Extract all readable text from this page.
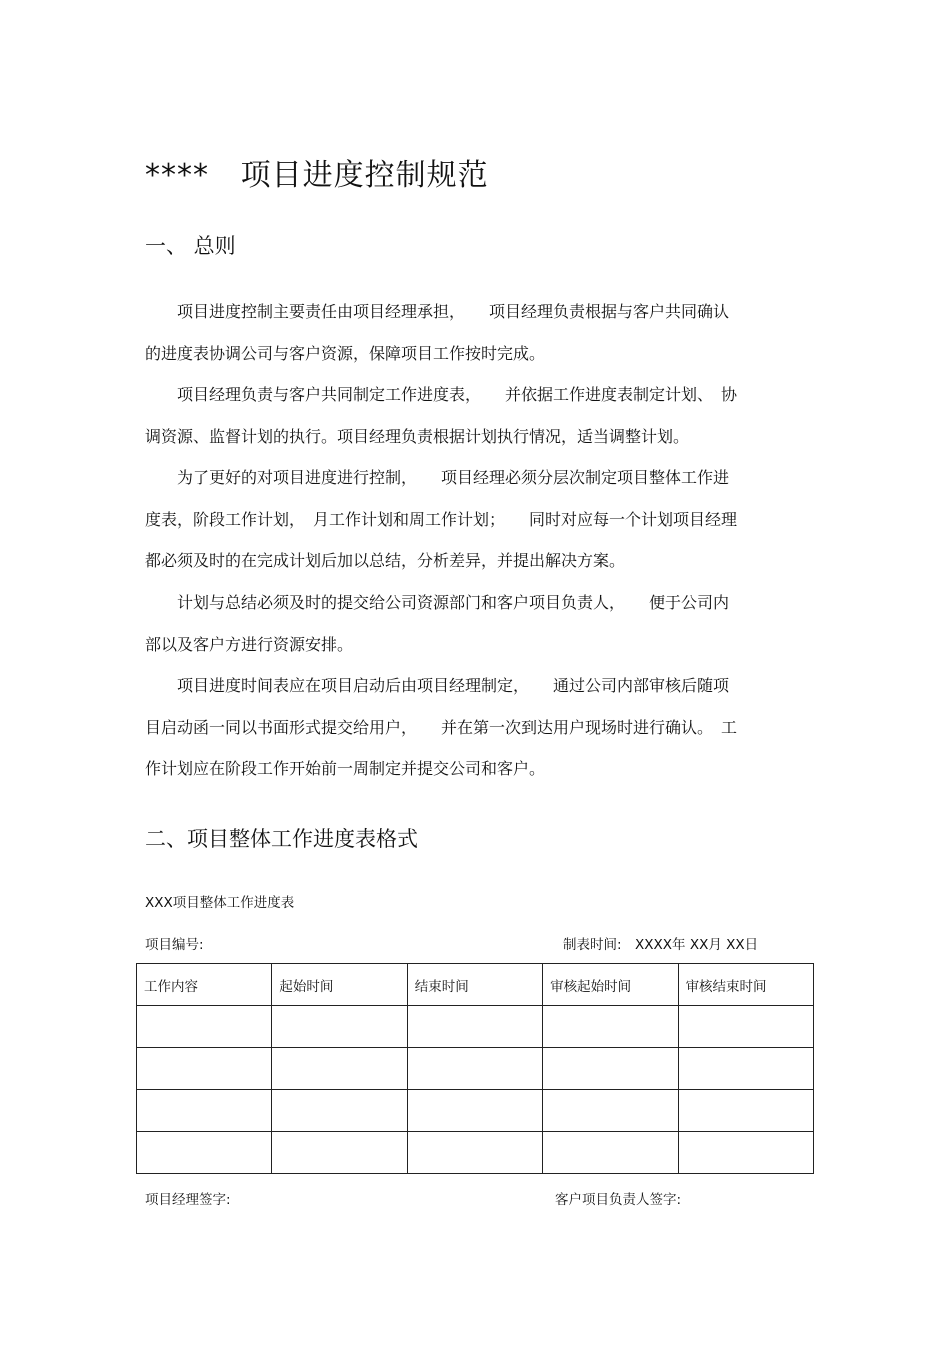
****   项目进度控制规范
一、 总则
　　项目进度控制主要责任由项目经理承担，　　项目经理负责根据与客户共同确认
的进度表协调公司与客户资源，保障项目工作按时完成。
　　项目经理负责与客户共同制定工作进度表，　　并依据工作进度表制定计划、　协
调资源、监督计划的执行。项目经理负责根据计划执行情况，适当调整计划。
　　为了更好的对项目进度进行控制，　　项目经理必须分层次制定项目整体工作进
度表，阶段工作计划，　月工作计划和周工作计划；　　同时对应每一个计划项目经理
都必须及时的在完成计划后加以总结，分析差异，并提出解决方案。
　　计划与总结必须及时的提交给公司资源部门和客户项目负责人，　　便于公司内
部以及客户方进行资源安排。
　　项目进度时间表应在项目启动后由项目经理制定，　　通过公司内部审核后随项
目启动函一同以书面形式提交给用户，　　并在第一次到达用户现场时进行确认。　工
作计划应在阶段工作开始前一周制定并提交公司和客户。
二、项目整体工作进度表格式
XXX项目整体工作进度表
项目编号:	制表时间:　XXXX年 XX月 XX日
工作内容	起始时间	结束时间	审核起始时间	审核结束时间

项目经理签字:	客户项目负责人签字:
